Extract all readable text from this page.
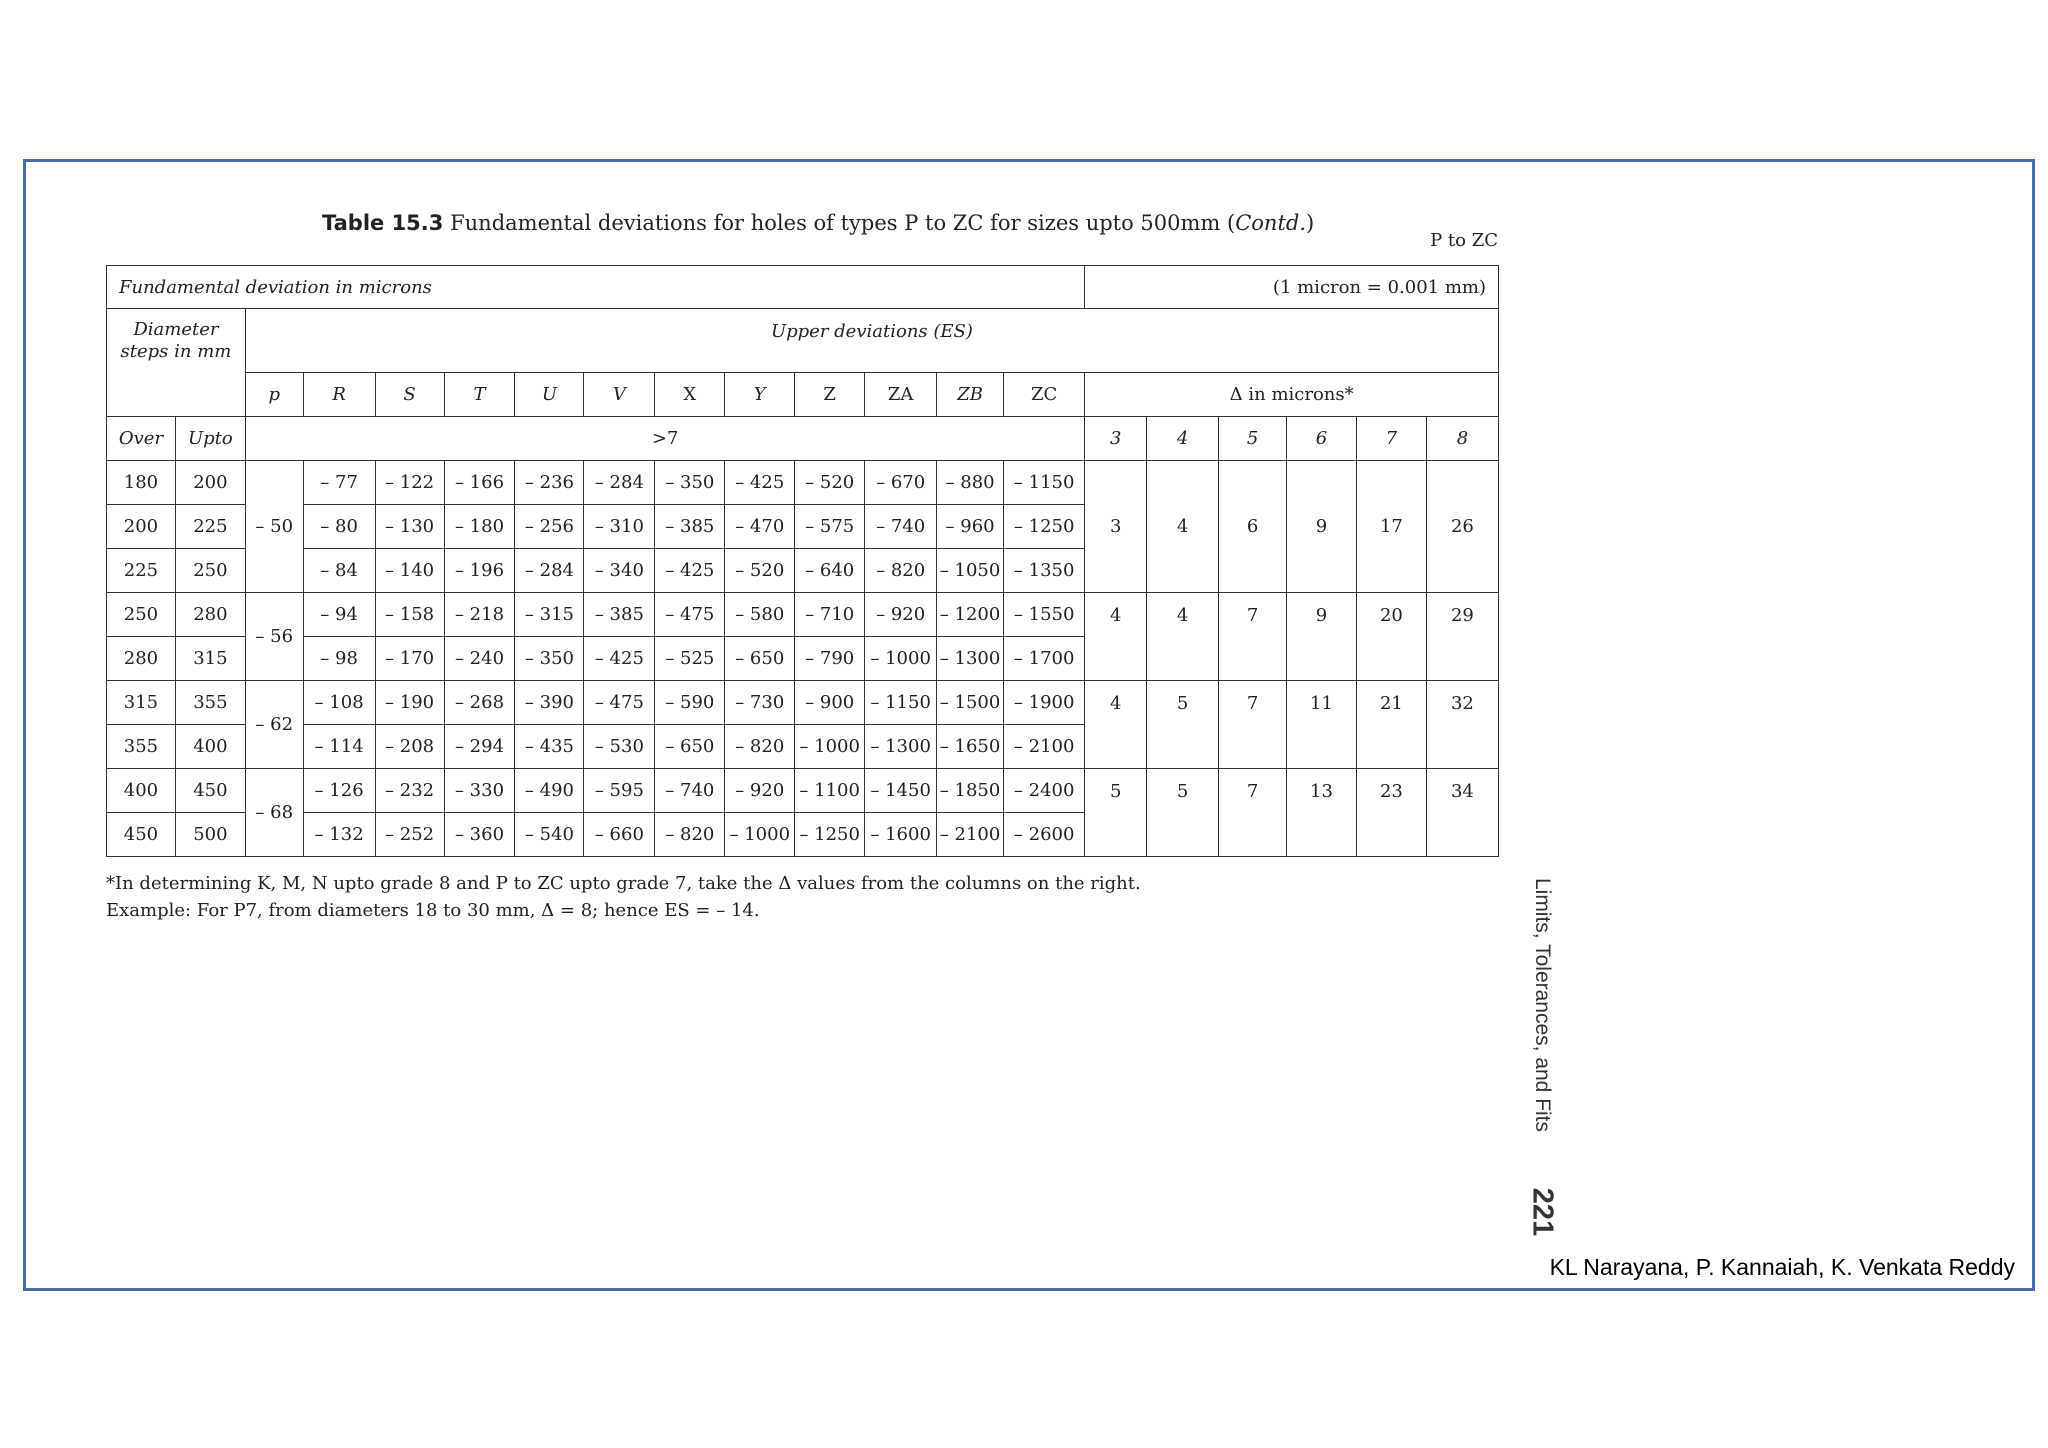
Table 15.3 Fundamental deviations for holes of types P to ZC for sizes upto 500mm (Contd.)
P to ZC
Fundamental deviation in microns														(1 micron = 0.001 mm)					
Diameter steps in mm		Upper deviations (ES)																	
		p	R	S	T	U	V	X	Y	Z	ZA	ZB	ZC	Δ in microns*					
Over	Upto	>7												3	4	5	6	7	8
180	200	– 50	– 77	– 122	– 166	– 236	– 284	– 350	– 425	– 520	– 670	– 880	– 1150	3	4	6	9	17	26
200	225		– 80	– 130	– 180	– 256	– 310	– 385	– 470	– 575	– 740	– 960	– 1250						
225	250		– 84	– 140	– 196	– 284	– 340	– 425	– 520	– 640	– 820	– 1050	– 1350						
250	280	– 56	– 94	– 158	– 218	– 315	– 385	– 475	– 580	– 710	– 920	– 1200	– 1550	4	4	7	9	20	29
280	315		– 98	– 170	– 240	– 350	– 425	– 525	– 650	– 790	– 1000	– 1300	– 1700						
315	355	– 62	– 108	– 190	– 268	– 390	– 475	– 590	– 730	– 900	– 1150	– 1500	– 1900	4	5	7	11	21	32
355	400		– 114	– 208	– 294	– 435	– 530	– 650	– 820	– 1000	– 1300	– 1650	– 2100						
400	450	– 68	– 126	– 232	– 330	– 490	– 595	– 740	– 920	– 1100	– 1450	– 1850	– 2400	5	5	7	13	23	34
450	500		– 132	– 252	– 360	– 540	– 660	– 820	– 1000	– 1250	– 1600	– 2100	– 2600						
*In determining K, M, N upto grade 8 and P to ZC upto grade 7, take the Δ values from the columns on the right.
Example: For P7, from diameters 18 to 30 mm, Δ = 8; hence ES = – 14.	Limits, Tolerances, and Fits
221
KL Narayana, P. Kannaiah, K. Venkata Reddy
